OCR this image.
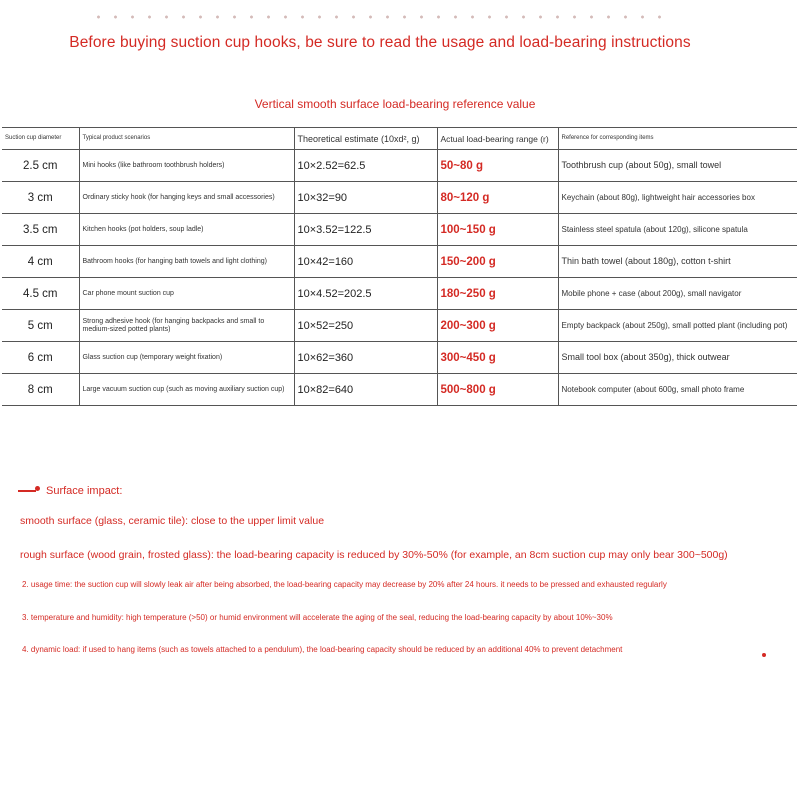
Before buying suction cup hooks, be sure to read the usage and load-bearing instructions
Vertical smooth surface load-bearing reference value
Suction cup diameter	Typical product scenarios	Theoretical estimate (10xd², g)	Actual load-bearing range (r)	Reference for corresponding items
2.5 cm	Mini hooks (like bathroom toothbrush holders)	10×2.52=62.5	50~80 g	Toothbrush cup (about 50g), small towel
3 cm	Ordinary sticky hook (for hanging keys and small accessories)	10×32=90	80~120 g	Keychain (about 80g), lightweight hair accessories box
3.5 cm	Kitchen hooks (pot holders, soup ladle)	10×3.52=122.5	100~150 g	Stainless steel spatula (about 120g), silicone spatula
4 cm	Bathroom hooks (for hanging bath towels and light clothing)	10×42=160	150~200 g	Thin bath towel (about 180g), cotton t-shirt
4.5 cm	Car phone mount suction cup	10×4.52=202.5	180~250 g	Mobile phone + case (about 200g), small navigator
5 cm	Strong adhesive hook (for hanging backpacks and small to medium-sized potted plants)	10×52=250	200~300 g	Empty backpack (about 250g), small potted plant (including pot)
6 cm	Glass suction cup (temporary weight fixation)	10×62=360	300~450 g	Small tool box (about 350g), thick outwear
8 cm	Large vacuum suction cup (such as moving auxiliary suction cup)	10×82=640	500~800 g	Notebook computer (about 600g, small photo frame
Surface impact:
smooth surface (glass, ceramic tile): close to the upper limit value
rough surface (wood grain, frosted glass): the load-bearing capacity is reduced by 30%-50% (for example, an 8cm suction cup may only bear 300~500g)
2. usage time: the suction cup will slowly leak air after being absorbed, the load-bearing capacity may decrease by 20% after 24 hours. it needs to be pressed and exhausted regularly
3. temperature and humidity: high temperature (>50) or humid environment will accelerate the aging of the seal, reducing the load-bearing capacity by about 10%~30%
4. dynamic load: if used to hang items (such as towels attached to a pendulum), the load-bearing capacity should be reduced by an additional 40% to prevent detachment
